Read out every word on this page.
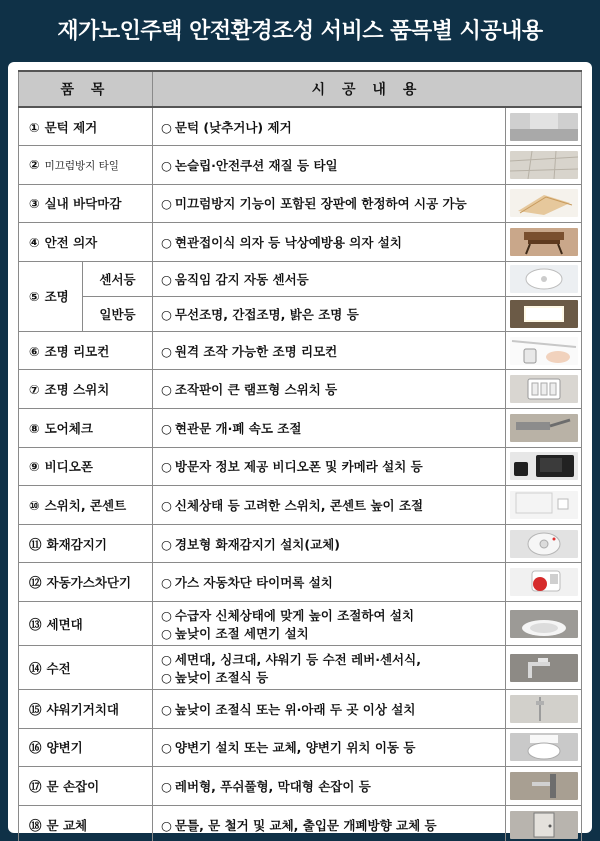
재가노인주택 안전환경조성 서비스 품목별 시공내용
품 목		시 공 내 용	
① 문턱 제거		○ 문턱 (낮추거나) 제거

② 미끄럼방지 타일		○ 논슬립·안전쿠션 재질 등 타일

③ 실내 바닥마감		○ 미끄럼방지 기능이 포함된 장판에 한정하여 시공 가능

④ 안전 의자		○ 현관접이식 의자 등 낙상예방용 의자 설치

⑤ 조명	센서등	○ 움직임 감지 자동 센서등	

	일반등	○ 무선조명, 간접조명, 밝은 조명 등	

⑥ 조명 리모컨		○ 원격 조작 가능한 조명 리모컨

⑦ 조명 스위치		○ 조작판이 큰 램프형 스위치 등

⑧ 도어체크		○ 현관문 개·폐 속도 조절

⑨ 비디오폰		○ 방문자 정보 제공 비디오폰 및 카메라 설치 등

⑩ 스위치, 콘센트		○ 신체상태 등 고려한 스위치, 콘센트 높이 조절

⑪ 화재감지기		○ 경보형 화재감지기 설치(교체)

⑫ 자동가스차단기		○ 가스 자동차단 타이머록 설치

⑬ 세면대		○ 수급자 신체상태에 맞게 높이 조절하여 설치
○ 높낮이 조절 세면기 설치

⑭ 수전		○ 세면대, 싱크대, 샤워기 등 수전 레버·센서식,
○ 높낮이 조절식 등

⑮ 샤워기거치대		○ 높낮이 조절식 또는 위·아래 두 곳 이상 설치

⑯ 양변기		○ 양변기 설치 또는 교체, 양변기 위치 이동 등

⑰ 문 손잡이		○ 레버형, 푸쉬풀형, 막대형 손잡이 등

⑱ 문 교체		○ 문틀, 문 철거 및 교체, 출입문 개폐방향 교체 등
